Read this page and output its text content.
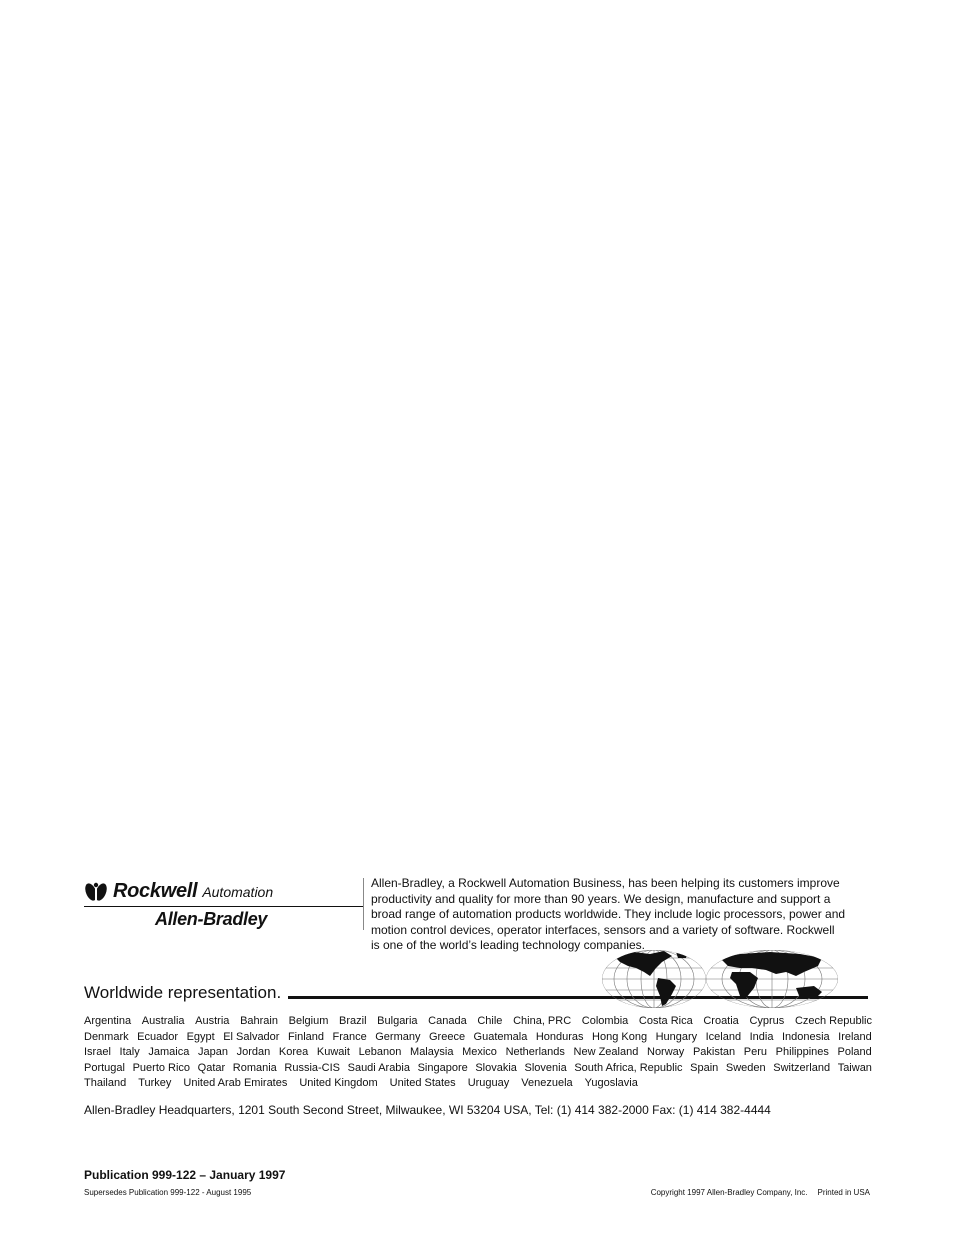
Rockwell Automation
Allen-Bradley

Allen-Bradley, a Rockwell Automation Business, has been helping its customers improve productivity and quality for more than 90 years. We design, manufacture and support a broad range of automation products worldwide. They include logic processors, power and motion control devices, operator interfaces, sensors and a variety of software. Rockwell is one of the world’s leading technology companies.

Worldwide representation.
Argentina Australia Austria Bahrain Belgium Brazil Bulgaria Canada Chile China, PRC Colombia Costa Rica Croatia Cyprus Czech Republic
Denmark Ecuador Egypt El Salvador Finland France Germany Greece Guatemala Honduras Hong Kong Hungary Iceland India Indonesia Ireland
Israel Italy Jamaica Japan Jordan Korea Kuwait Lebanon Malaysia Mexico Netherlands New Zealand Norway Pakistan Peru Philippines Poland
Portugal Puerto Rico Qatar Romania Russia-CIS Saudi Arabia Singapore Slovakia Slovenia South Africa, Republic Spain Sweden Switzerland Taiwan
Thailand Turkey United Arab Emirates United Kingdom United States Uruguay Venezuela Yugoslavia

Allen-Bradley Headquarters, 1201 South Second Street, Milwaukee, WI 53204 USA, Tel: (1) 414 382-2000 Fax: (1) 414 382-4444

Publication 999-122 – January 1997

Supersedes Publication 999-122 - August 1995	Copyright 1997 Allen-Bradley Company, Inc. Printed in USA
